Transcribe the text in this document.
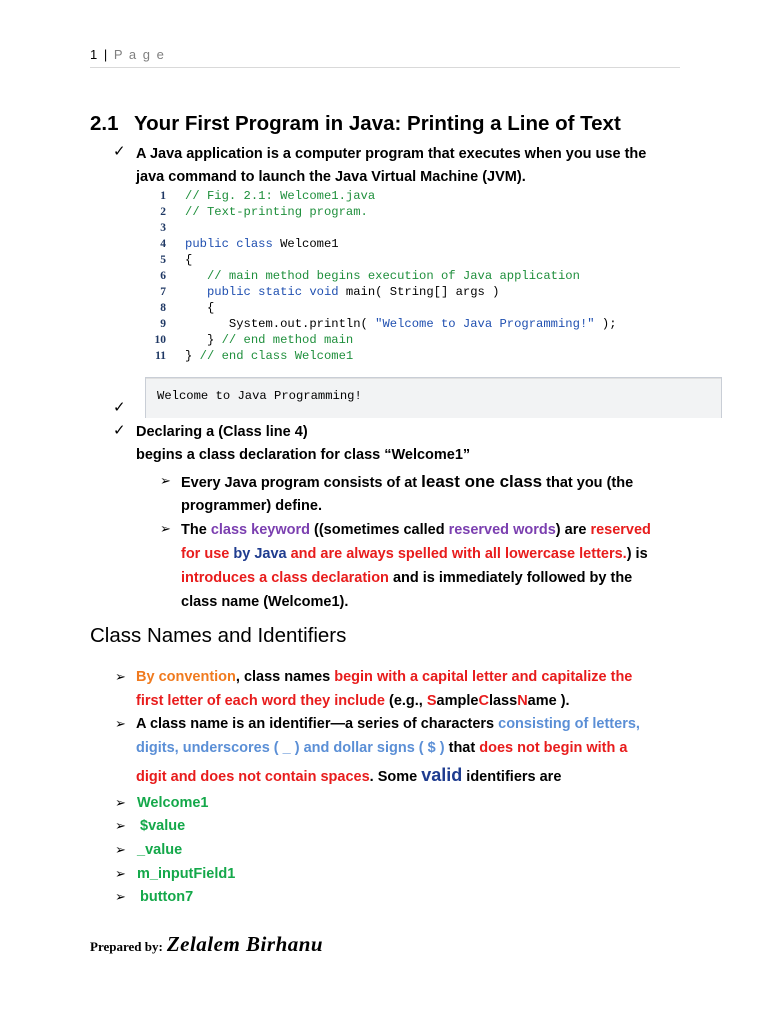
1 | P a g e
2.1 Your First Program in Java: Printing a Line of Text
✓ A Java application is a computer program that executes when you use the
java command to launch the Java Virtual Machine (JVM).

1

2

3

4

5

6

7

8

9

10

11

// Fig. 2.1: Welcome1.java

// Text-printing program.

public class Welcome1

{

// main method begins execution of Java application

public static void main( String[] args )

{

System.out.println( "Welcome to Java Programming!" );

} // end method main

} // end class Welcome1

Welcome to Java Programming!

✓
✓ Declaring a (Class line 4)
begins a class declaration for class “Welcome1”
➢ Every Java program consists of at least one class that you (the
programmer) define.
➢ The class keyword ((sometimes called reserved words) are reserved
for use by Java and are always spelled with all lowercase letters.) is
introduces a class declaration and is immediately followed by the
class name (Welcome1).
Class Names and Identifiers
➢ By convention, class names begin with a capital letter and capitalize the
first letter of each word they include (e.g., SampleClassName ).
➢ A class name is an identifier—a series of characters consisting of letters,
digits, underscores ( _ ) and dollar signs ( $ ) that does not begin with a
digit and does not contain spaces. Some valid identifiers are
➢ Welcome1
➢ $value
➢ _value
➢ m_inputField1
➢ button7
Prepared by: Zelalem Birhanu
